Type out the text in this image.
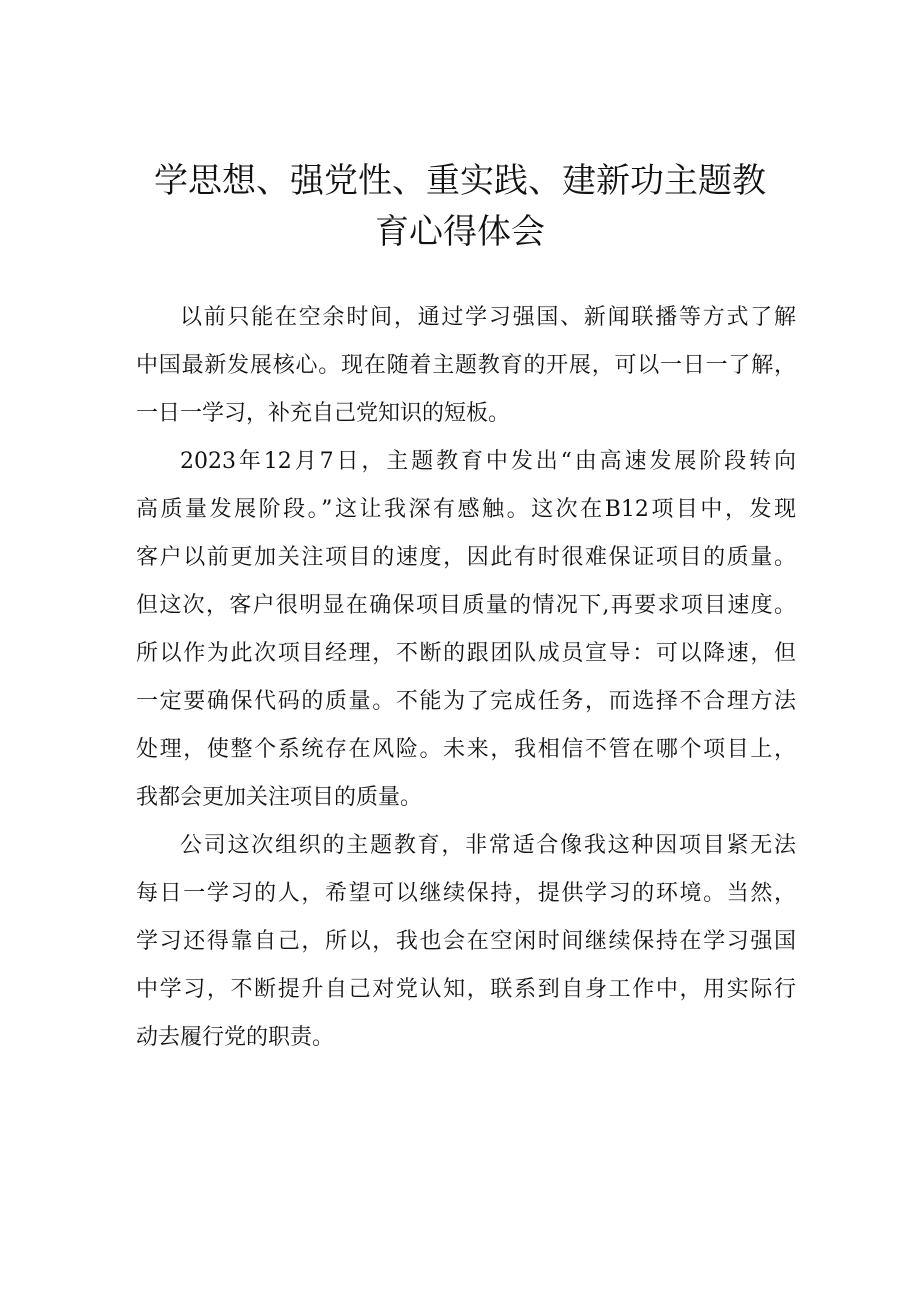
学思想、强党性、重实践、建新功主题教
育心得体会
以前只能在空余时间，通过学习强国、新闻联播等方式了解
中国最新发展核心。现在随着主题教育的开展，可以一日一了解，
一日一学习，补充自己党知识的短板。
2023年12月7日，主题教育中发出“由高速发展阶段转向
高质量发展阶段。”这让我深有感触。这次在B12项目中，发现
客户以前更加关注项目的速度，因此有时很难保证项目的质量。
但这次，客户很明显在确保项目质量的情况下,再要求项目速度。
所以作为此次项目经理，不断的跟团队成员宣导：可以降速，但
一定要确保代码的质量。不能为了完成任务，而选择不合理方法
处理，使整个系统存在风险。未来，我相信不管在哪个项目上，
我都会更加关注项目的质量。
公司这次组织的主题教育，非常适合像我这种因项目紧无法
每日一学习的人，希望可以继续保持，提供学习的环境。当然，
学习还得靠自己，所以，我也会在空闲时间继续保持在学习强国
中学习，不断提升自己对党认知，联系到自身工作中，用实际行
动去履行党的职责。
